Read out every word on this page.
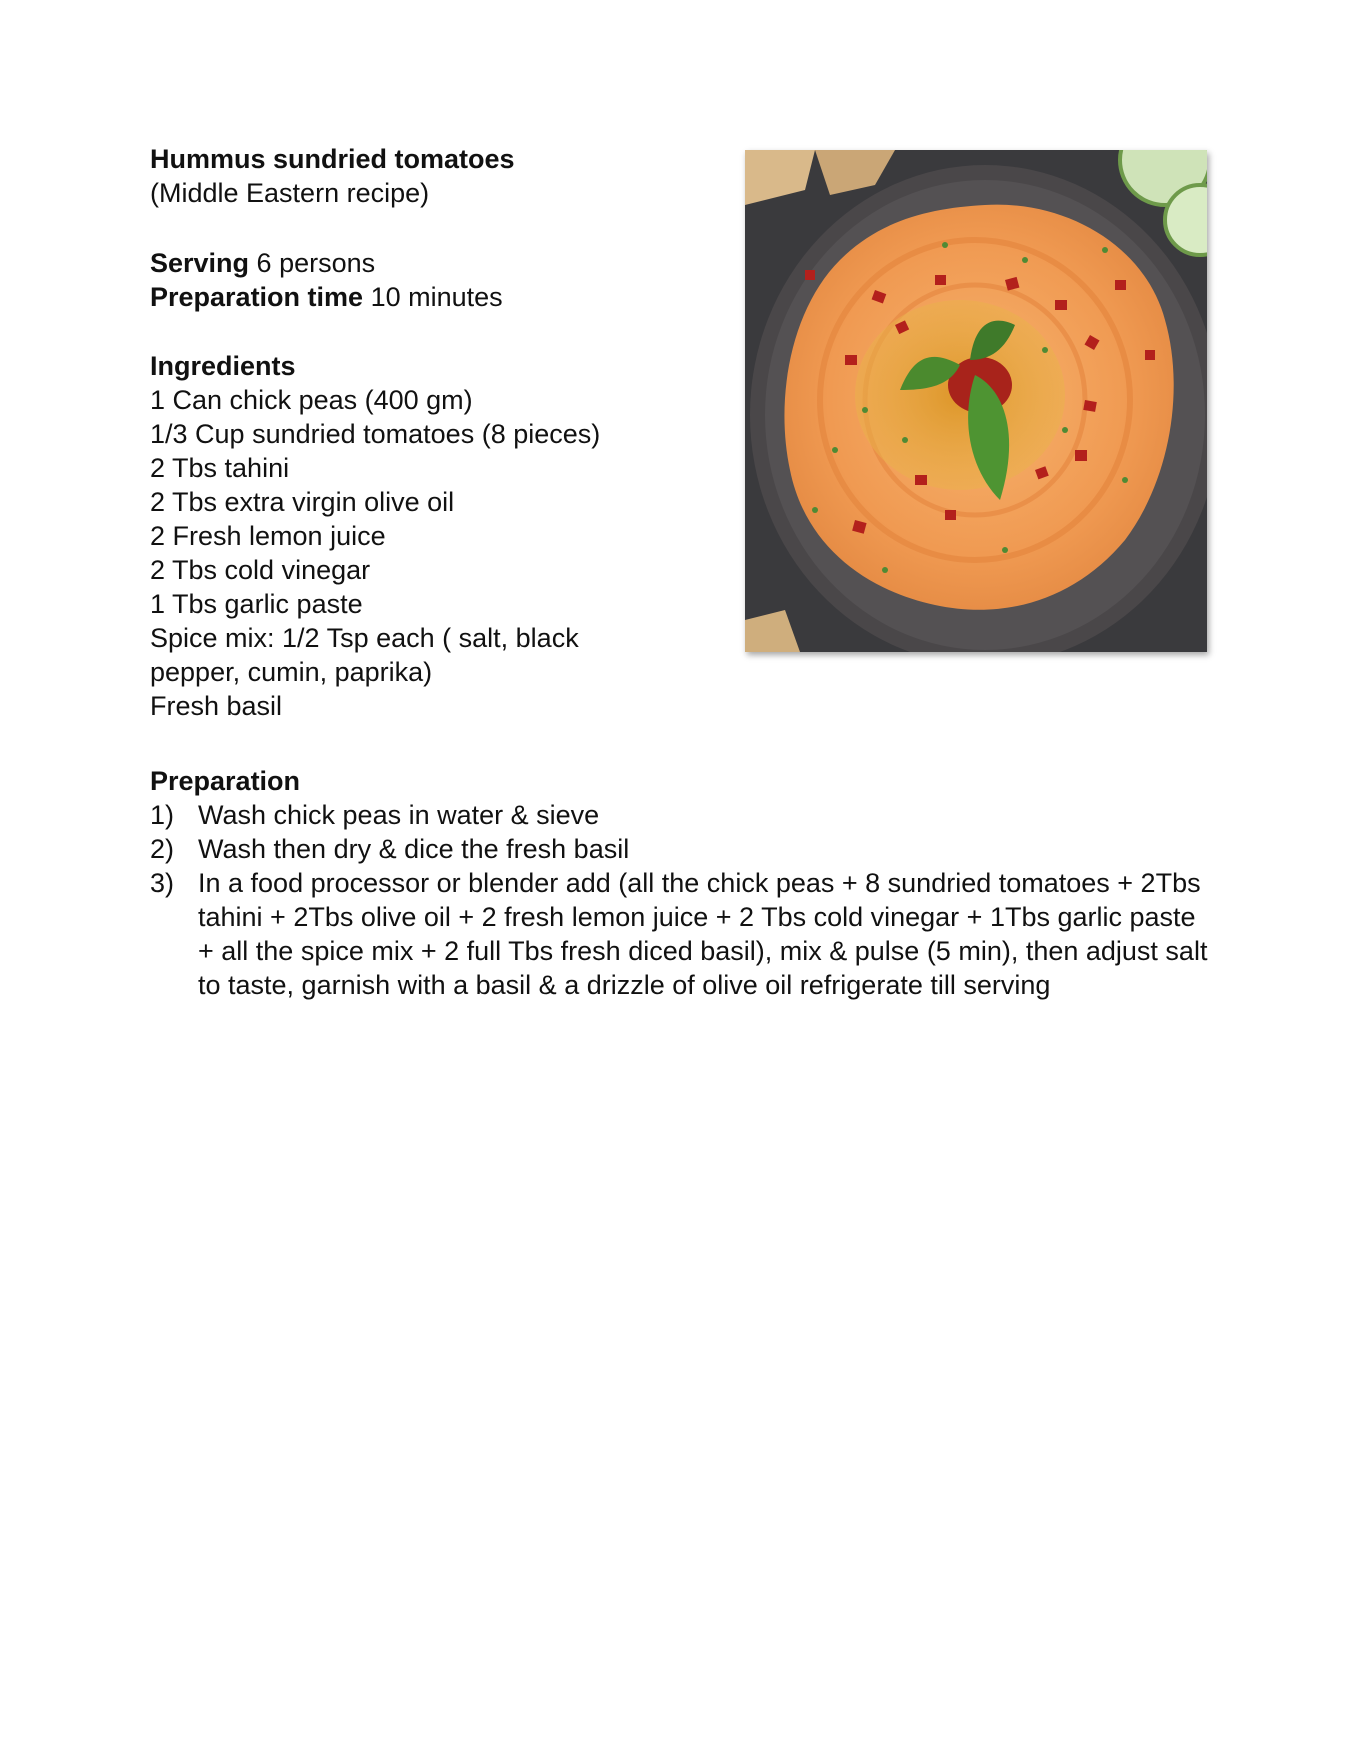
Hummus sundried tomatoes
(Middle Eastern recipe)
Serving 6 persons
Preparation time 10 minutes
Ingredients
1 Can chick peas (400 gm)
1/3 Cup sundried tomatoes (8 pieces)
2 Tbs tahini
2 Tbs extra virgin olive oil
2 Fresh lemon juice
2 Tbs cold vinegar
1 Tbs garlic paste
Spice mix: 1/2 Tsp each ( salt, black pepper, cumin, paprika)
Fresh basil
Preparation
1) Wash chick peas in water & sieve
2) Wash then dry & dice the fresh basil
3) In a food processor or blender add (all the chick peas + 8 sundried tomatoes + 2Tbs tahini + 2Tbs olive oil + 2 fresh lemon juice + 2 Tbs cold vinegar + 1Tbs garlic paste + all the spice mix + 2 full Tbs fresh diced basil), mix & pulse (5 min), then adjust salt to taste, garnish with a basil & a drizzle of olive oil refrigerate till serving
